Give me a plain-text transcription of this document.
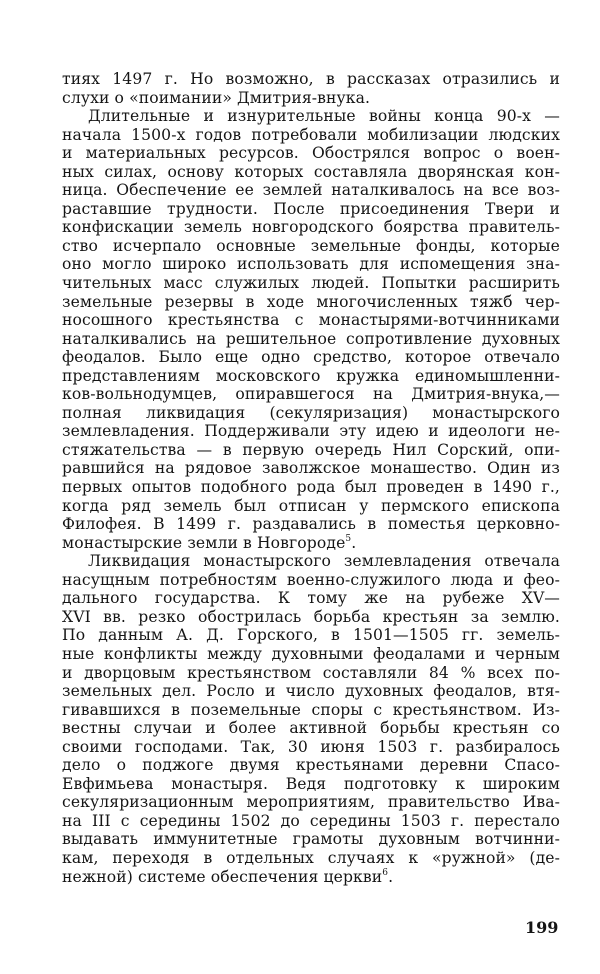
тиях 1497 г. Но возможно, в рассказах отразились и
слухи о «поимании» Дмитрия-внука.
Длительные и изнурительные войны конца 90-х —
начала 1500-х годов потребовали мобилизации людских
и материальных ресурсов. Обострялся вопрос о воен-
ных силах, основу которых составляла дворянская кон-
ница. Обеспечение ее землей наталкивалось на все воз-
раставшие трудности. После присоединения Твери и
конфискации земель новгородского боярства правитель-
ство исчерпало основные земельные фонды, которые
оно могло широко использовать для испомещения зна-
чительных масс служилых людей. Попытки расширить
земельные резервы в ходе многочисленных тяжб чер-
носошного крестьянства с монастырями-вотчинниками
наталкивались на решительное сопротивление духовных
феодалов. Было еще одно средство, которое отвечало
представлениям московского кружка единомышленни-
ков-вольнодумцев, опиравшегося на Дмитрия-внука,—
полная ликвидация (секуляризация) монастырского
землевладения. Поддерживали эту идею и идеологи не-
стяжательства — в первую очередь Нил Сорский, опи-
равшийся на рядовое заволжское монашество. Один из
первых опытов подобного рода был проведен в 1490 г.,
когда ряд земель был отписан у пермского епископа
Филофея. В 1499 г. раздавались в поместья церковно-
монастырские земли в Новгороде$^5$.
Ликвидация монастырского землевладения отвечала
насущным потребностям военно-служилого люда и фео-
дального государства. К тому же на рубеже XV—
XVI вв. резко обострилась борьба крестьян за землю.
По данным А. Д. Горского, в 1501—1505 гг. земель-
ные конфликты между духовными феодалами и черным
и дворцовым крестьянством составляли 84 % всех по-
земельных дел. Росло и число духовных феодалов, втя-
гивавшихся в поземельные споры с крестьянством. Из-
вестны случаи и более активной борьбы крестьян со
своими господами. Так, 30 июня 1503 г. разбиралось
дело о поджоге двумя крестьянами деревни Спасо-
Евфимьева монастыря. Ведя подготовку к широким
секуляризационным мероприятиям, правительство Ива-
на III с середины 1502 до середины 1503 г. перестало
выдавать иммунитетные грамоты духовным вотчинни-
кам, переходя в отдельных случаях к «ружной» (де-
нежной) системе обеспечения церкви$^6$.
199
